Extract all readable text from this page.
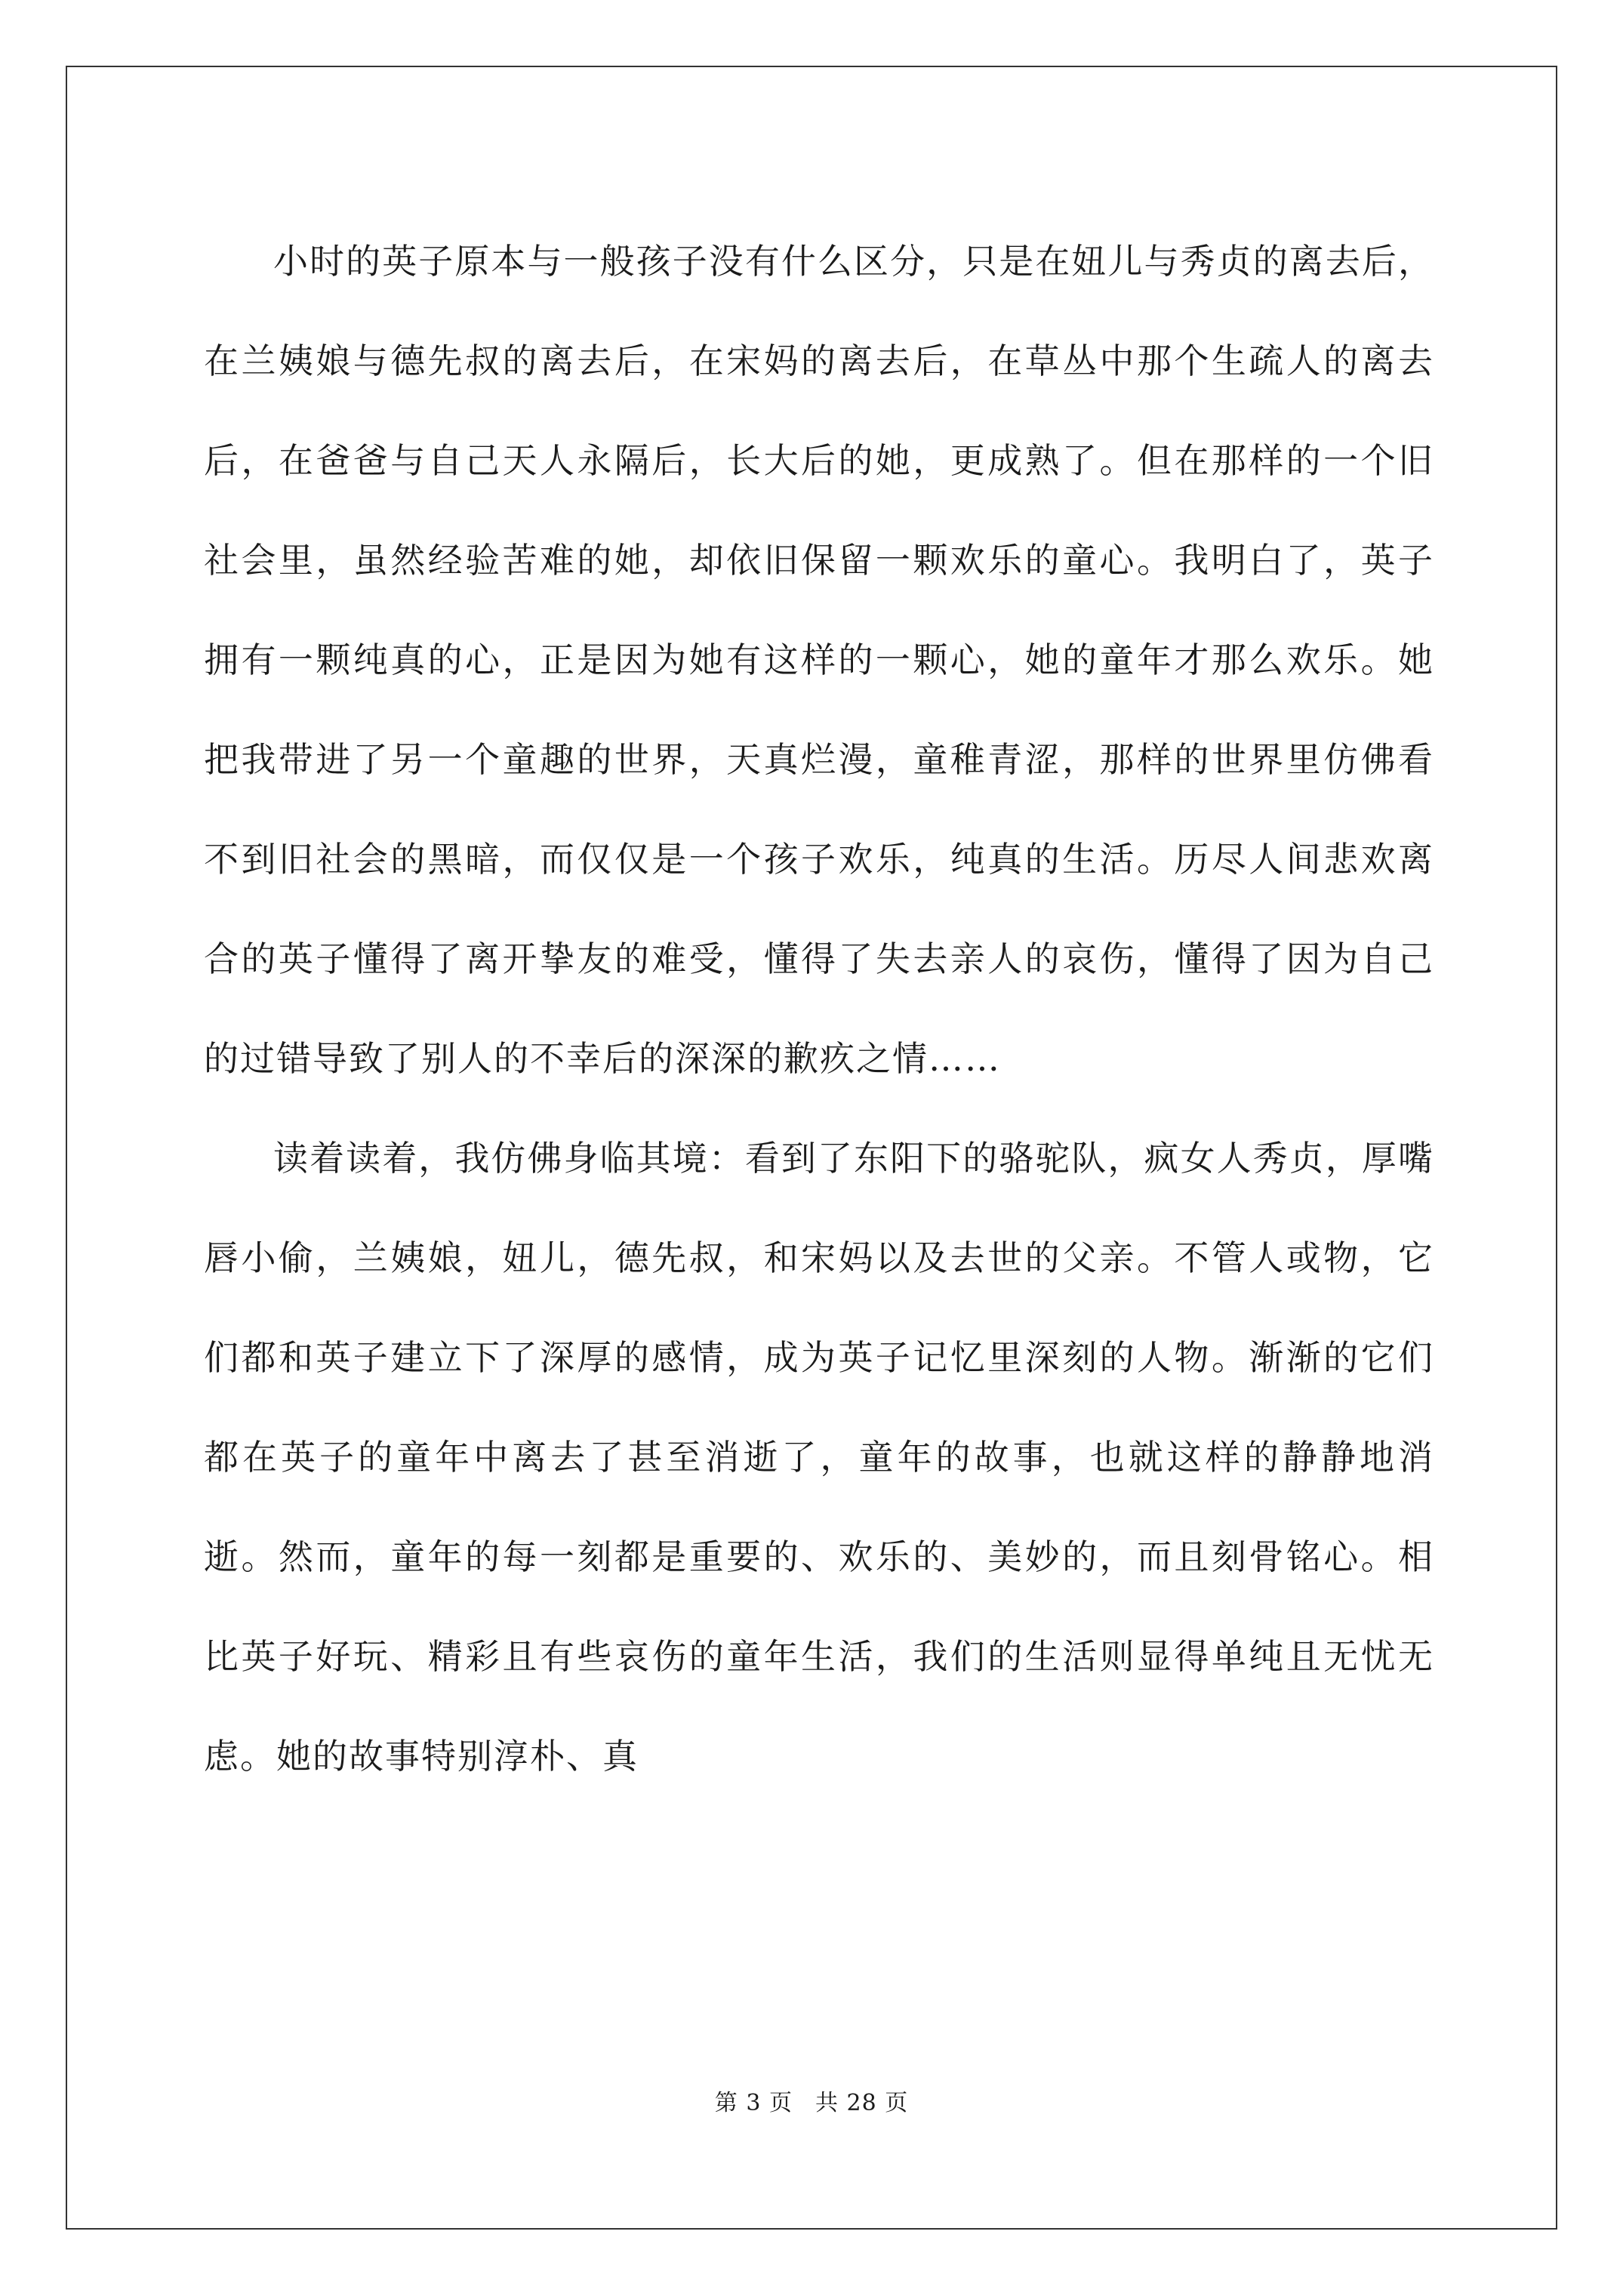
小时的英子原本与一般孩子没有什么区分，只是在妞儿与秀贞的离去后，在兰姨娘与德先叔的离去后，在宋妈的离去后，在草丛中那个生疏人的离去后，在爸爸与自己天人永隔后，长大后的她，更成熟了。但在那样的一个旧社会里，虽然经验苦难的她，却依旧保留一颗欢乐的童心。我明白了，英子拥有一颗纯真的心，正是因为她有这样的一颗心，她的童年才那么欢乐。她把我带进了另一个童趣的世界，天真烂漫，童稚青涩，那样的世界里仿佛看不到旧社会的黑暗，而仅仅是一个孩子欢乐，纯真的生活。历尽人间悲欢离合的英子懂得了离开挚友的难受，懂得了失去亲人的哀伤，懂得了因为自己的过错导致了别人的不幸后的深深的歉疚之情……

读着读着，我仿佛身临其境：看到了东阳下的骆驼队，疯女人秀贞，厚嘴唇小偷，兰姨娘，妞儿，德先叔，和宋妈以及去世的父亲。不管人或物，它们都和英子建立下了深厚的感情，成为英子记忆里深刻的人物。渐渐的它们都在英子的童年中离去了甚至消逝了，童年的故事，也就这样的静静地消逝。然而，童年的每一刻都是重要的、欢乐的、美妙的，而且刻骨铭心。相比英子好玩、精彩且有些哀伤的童年生活，我们的生活则显得单纯且无忧无虑。她的故事特别淳朴、真

第 3 页 共 28 页
